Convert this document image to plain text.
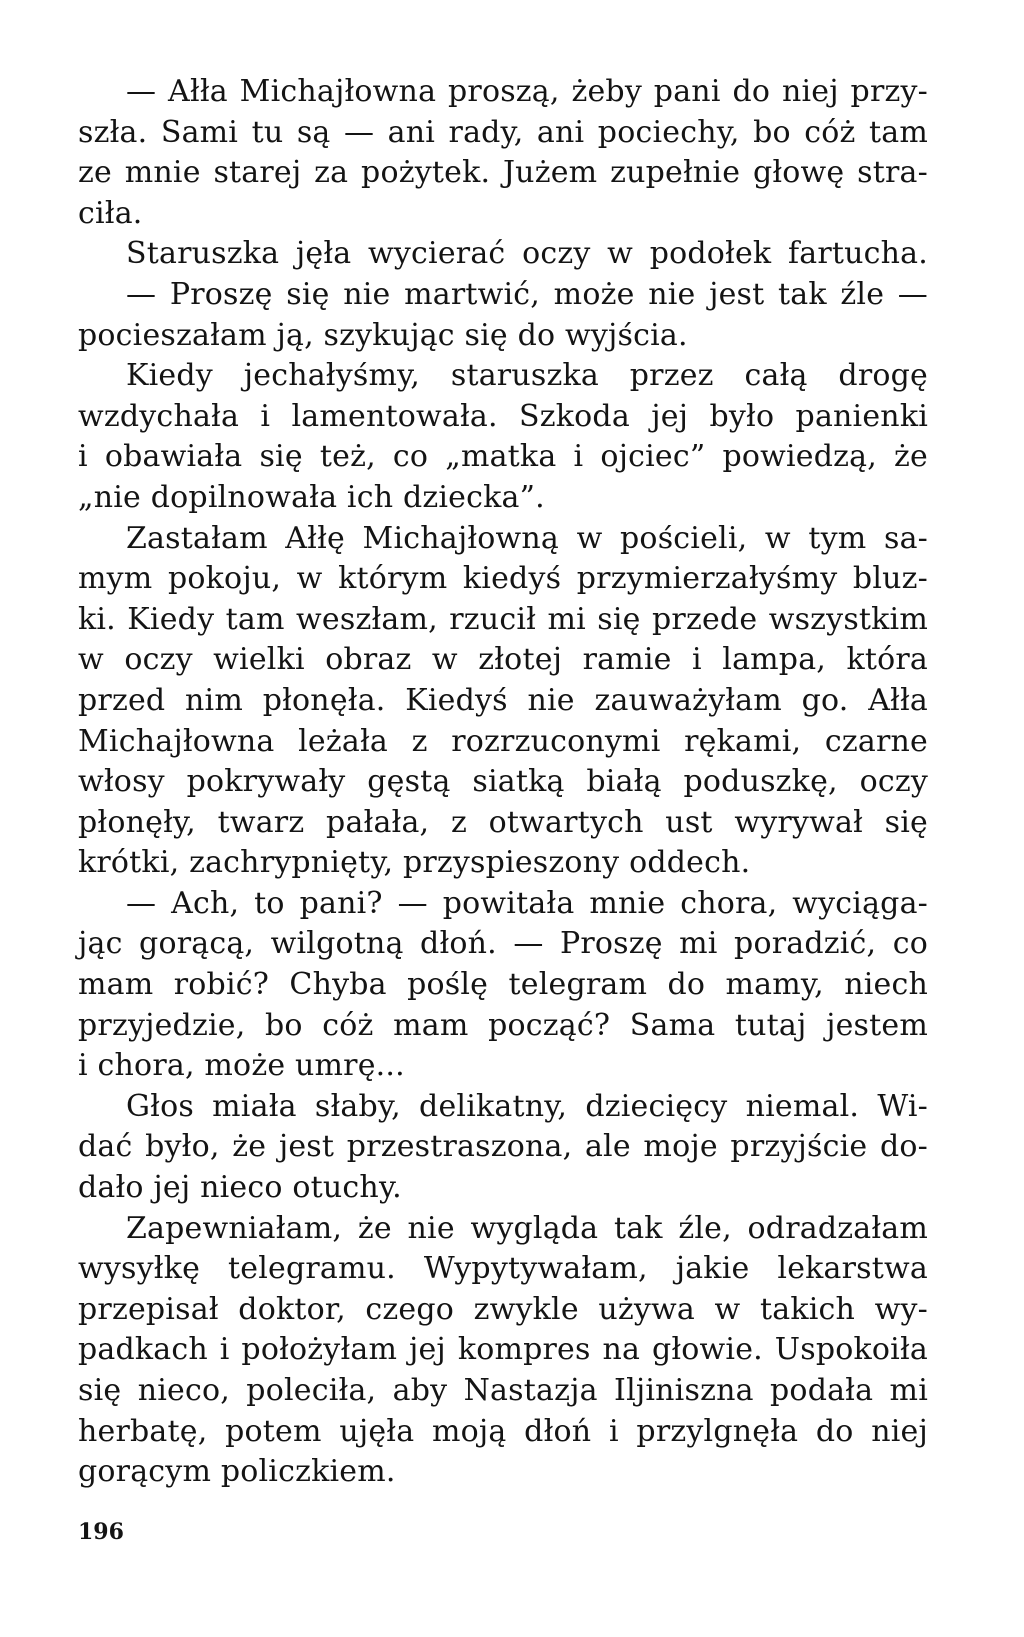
— Ałła Michajłowna proszą, żeby pani do niej przy-
szła. Sami tu są — ani rady, ani pociechy, bo cóż tam
ze mnie starej za pożytek. Jużem zupełnie głowę stra-
ciła.
Staruszka jęła wycierać oczy w podołek fartucha.
— Proszę się nie martwić, może nie jest tak źle —
pocieszałam ją, szykując się do wyjścia.
Kiedy jechałyśmy, staruszka przez całą drogę
wzdychała i lamentowała. Szkoda jej było panienki
i obawiała się też, co „matka i ojciec” powiedzą, że
„nie dopilnowała ich dziecka”.
Zastałam Ałłę Michajłowną w pościeli, w tym sa-
mym pokoju, w którym kiedyś przymierzałyśmy bluz-
ki. Kiedy tam weszłam, rzucił mi się przede wszystkim
w oczy wielki obraz w złotej ramie i lampa, która
przed nim płonęła. Kiedyś nie zauważyłam go. Ałła
Michajłowna leżała z rozrzuconymi rękami, czarne
włosy pokrywały gęstą siatką białą poduszkę, oczy
płonęły, twarz pałała, z otwartych ust wyrywał się
krótki, zachrypnięty, przyspieszony oddech.
— Ach, to pani? — powitała mnie chora, wyciąga-
jąc gorącą, wilgotną dłoń. — Proszę mi poradzić, co
mam robić? Chyba poślę telegram do mamy, niech
przyjedzie, bo cóż mam począć? Sama tutaj jestem
i chora, może umrę...
Głos miała słaby, delikatny, dziecięcy niemal. Wi-
dać było, że jest przestraszona, ale moje przyjście do-
dało jej nieco otuchy.
Zapewniałam, że nie wygląda tak źle, odradzałam
wysyłkę telegramu. Wypytywałam, jakie lekarstwa
przepisał doktor, czego zwykle używa w takich wy-
padkach i położyłam jej kompres na głowie. Uspokoiła
się nieco, poleciła, aby Nastazja Iljiniszna podała mi
herbatę, potem ujęła moją dłoń i przylgnęła do niej
gorącym policzkiem.
196
